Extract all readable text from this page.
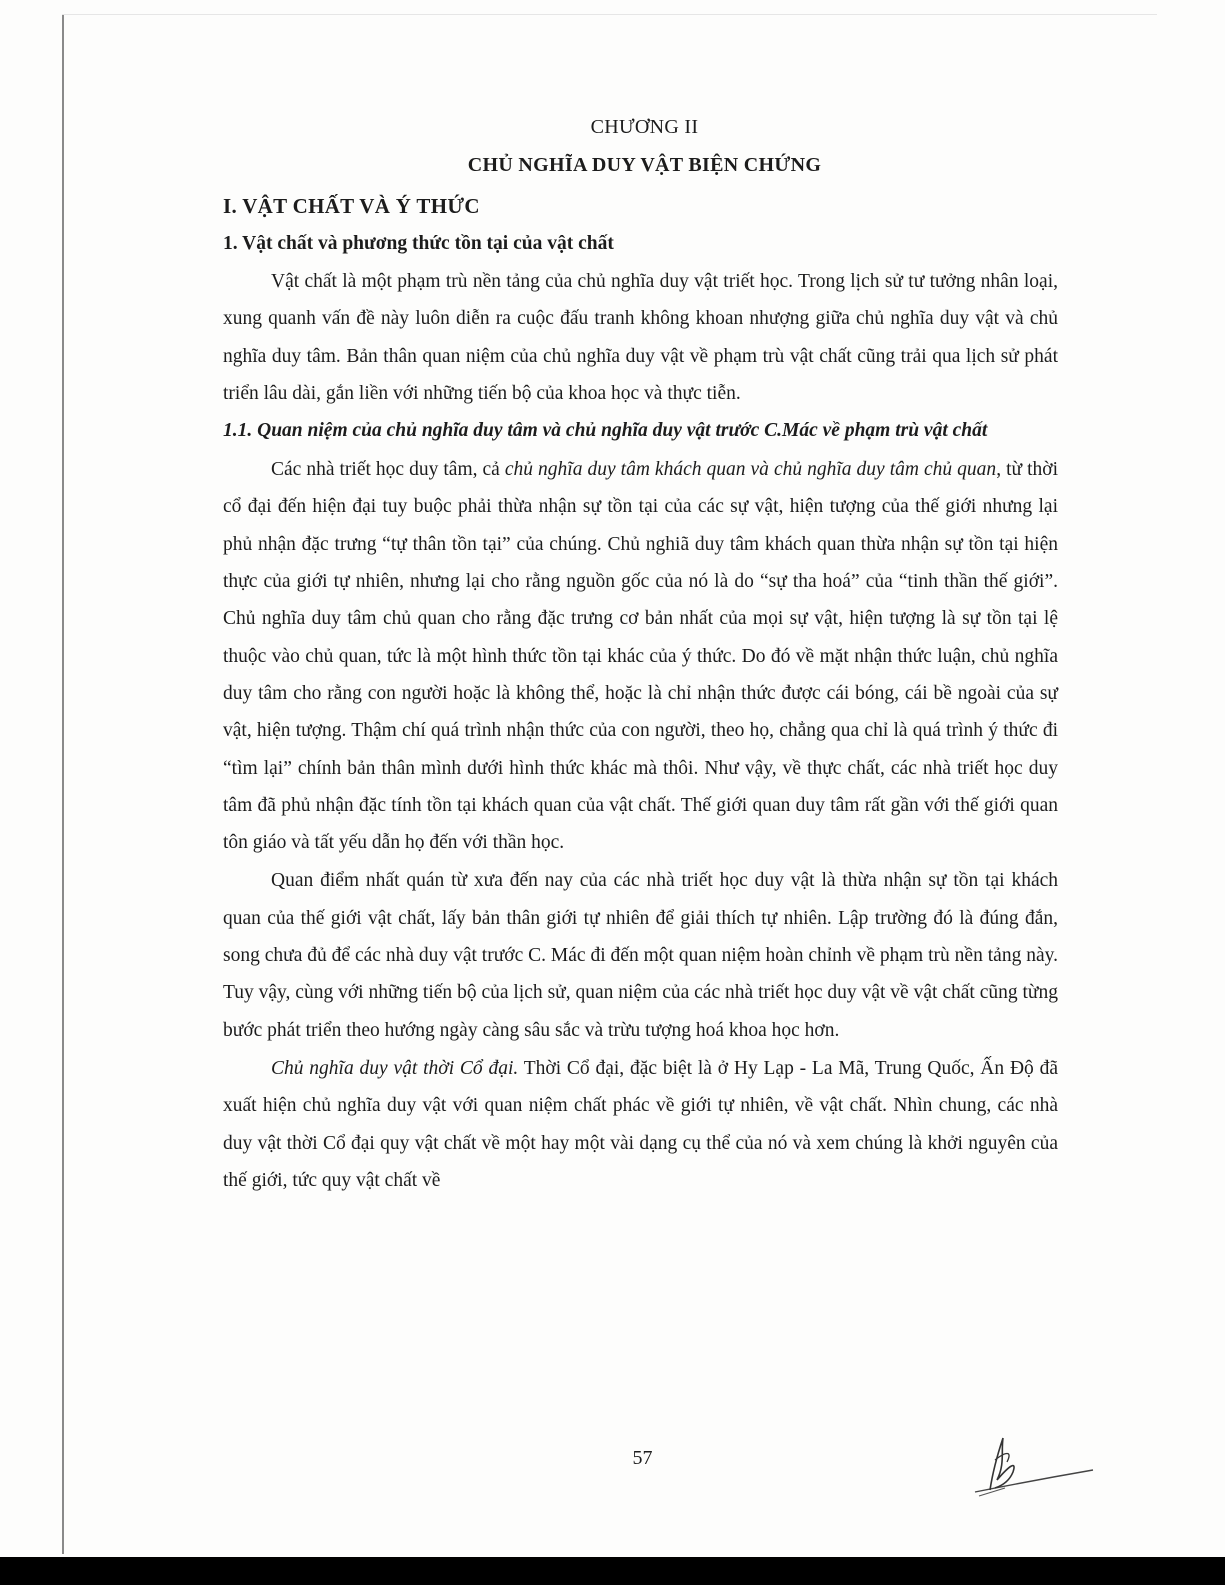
CHƯƠNG II
CHỦ NGHĨA DUY VẬT BIỆN CHỨNG
I. VẬT CHẤT VÀ Ý THỨC
1. Vật chất và phương thức tồn tại của vật chất

Vật chất là một phạm trù nền tảng của chủ nghĩa duy vật triết học. Trong lịch sử tư tưởng nhân loại, xung quanh vấn đề này luôn diễn ra cuộc đấu tranh không khoan nhượng giữa chủ nghĩa duy vật và chủ nghĩa duy tâm. Bản thân quan niệm của chủ nghĩa duy vật về phạm trù vật chất cũng trải qua lịch sử phát triển lâu dài, gắn liền với những tiến bộ của khoa học và thực tiễn.

1.1. Quan niệm của chủ nghĩa duy tâm và chủ nghĩa duy vật trước C.Mác về phạm trù vật chất

Các nhà triết học duy tâm, cả chủ nghĩa duy tâm khách quan và chủ nghĩa duy tâm chủ quan, từ thời cổ đại đến hiện đại tuy buộc phải thừa nhận sự tồn tại của các sự vật, hiện tượng của thế giới nhưng lại phủ nhận đặc trưng “tự thân tồn tại” của chúng. Chủ nghiã duy tâm khách quan thừa nhận sự tồn tại hiện thực của giới tự nhiên, nhưng lại cho rằng nguồn gốc của nó là do “sự tha hoá” của “tinh thần thế giới”. Chủ nghĩa duy tâm chủ quan cho rằng đặc trưng cơ bản nhất của mọi sự vật, hiện tượng là sự tồn tại lệ thuộc vào chủ quan, tức là một hình thức tồn tại khác của ý thức. Do đó về mặt nhận thức luận, chủ nghĩa duy tâm cho rằng con người hoặc là không thể, hoặc là chỉ nhận thức được cái bóng, cái bề ngoài của sự vật, hiện tượng. Thậm chí quá trình nhận thức của con người, theo họ, chẳng qua chỉ là quá trình ý thức đi “tìm lại” chính bản thân mình dưới hình thức khác mà thôi. Như vậy, về thực chất, các nhà triết học duy tâm đã phủ nhận đặc tính tồn tại khách quan của vật chất. Thế giới quan duy tâm rất gần với thế giới quan tôn giáo và tất yếu dẫn họ đến với thần học.

Quan điểm nhất quán từ xưa đến nay của các nhà triết học duy vật là thừa nhận sự tồn tại khách quan của thế giới vật chất, lấy bản thân giới tự nhiên để giải thích tự nhiên. Lập trường đó là đúng đắn, song chưa đủ để các nhà duy vật trước C. Mác đi đến một quan niệm hoàn chỉnh về phạm trù nền tảng này. Tuy vậy, cùng với những tiến bộ của lịch sử, quan niệm của các nhà triết học duy vật về vật chất cũng từng bước phát triển theo hướng ngày càng sâu sắc và trừu tượng hoá khoa học hơn.

Chủ nghĩa duy vật thời Cổ đại. Thời Cổ đại, đặc biệt là ở Hy Lạp - La Mã, Trung Quốc, Ấn Độ đã xuất hiện chủ nghĩa duy vật với quan niệm chất phác về giới tự nhiên, về vật chất. Nhìn chung, các nhà duy vật thời Cổ đại quy vật chất về một hay một vài dạng cụ thể của nó và xem chúng là khởi nguyên của thế giới, tức quy vật chất về

57
